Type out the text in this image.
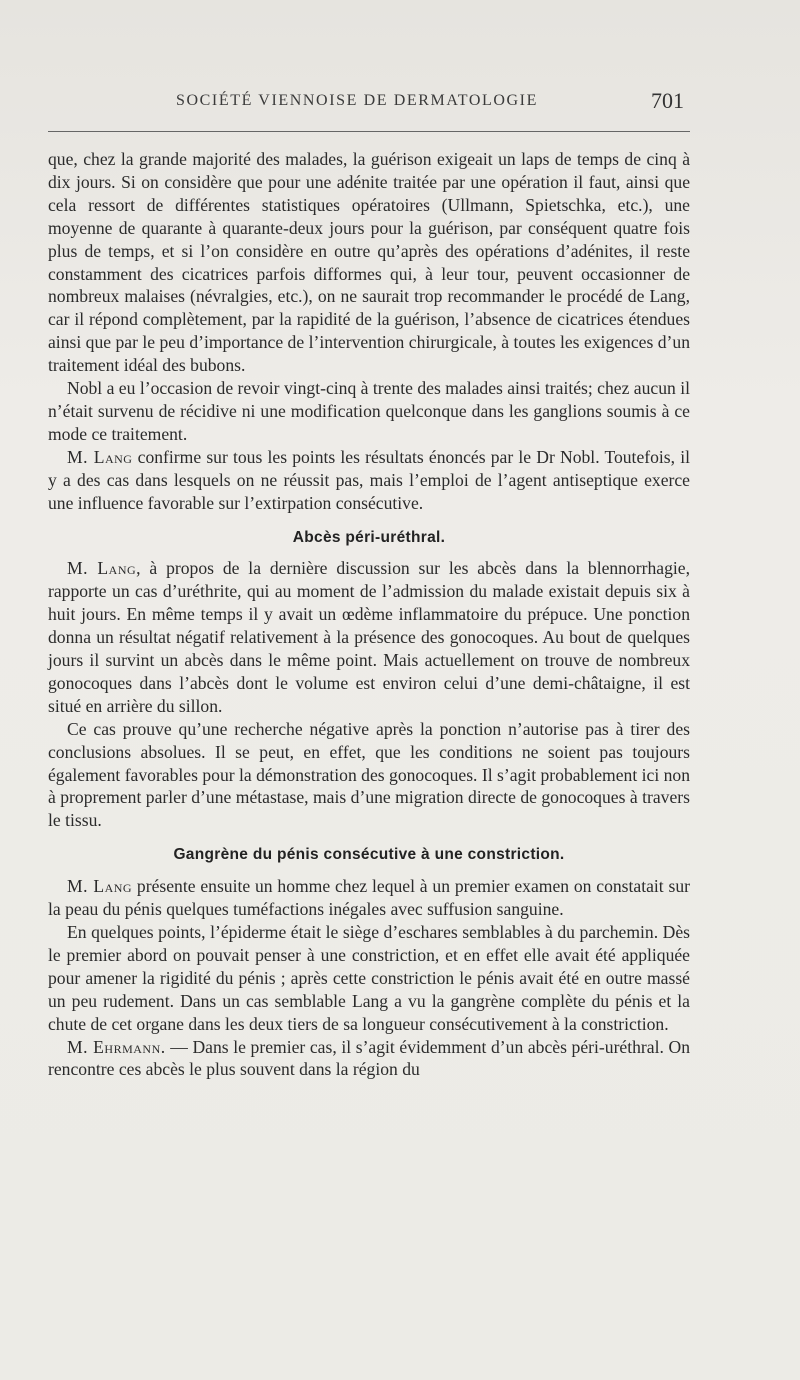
SOCIÉTÉ VIENNOISE DE DERMATOLOGIE	701

que, chez la grande majorité des malades, la guérison exigeait un laps de temps de cinq à dix jours. Si on considère que pour une adénite traitée par une opération il faut, ainsi que cela ressort de différentes statistiques opératoires (Ullmann, Spietschka, etc.), une moyenne de quarante à quarante-deux jours pour la guérison, par conséquent quatre fois plus de temps, et si l’on considère en outre qu’après des opérations d’adénites, il reste constamment des cicatrices parfois difformes qui, à leur tour, peuvent occasionner de nombreux malaises (névralgies, etc.), on ne saurait trop recommander le procédé de Lang, car il répond complètement, par la rapidité de la guérison, l’absence de cicatrices étendues ainsi que par le peu d’importance de l’intervention chirurgicale, à toutes les exigences d’un traitement idéal des bubons.

Nobl a eu l’occasion de revoir vingt-cinq à trente des malades ainsi traités; chez aucun il n’était survenu de récidive ni une modification quelconque dans les ganglions soumis à ce mode ce traitement.

M. Lang confirme sur tous les points les résultats énoncés par le Dr Nobl. Toutefois, il y a des cas dans lesquels on ne réussit pas, mais l’emploi de l’agent antiseptique exerce une influence favorable sur l’extirpation consécutive.

Abcès péri-uréthral.

M. Lang, à propos de la dernière discussion sur les abcès dans la blennorrhagie, rapporte un cas d’uréthrite, qui au moment de l’admission du malade existait depuis six à huit jours. En même temps il y avait un œdème inflammatoire du prépuce. Une ponction donna un résultat négatif relativement à la présence des gonocoques. Au bout de quelques jours il survint un abcès dans le même point. Mais actuellement on trouve de nombreux gonocoques dans l’abcès dont le volume est environ celui d’une demi-châtaigne, il est situé en arrière du sillon.

Ce cas prouve qu’une recherche négative après la ponction n’autorise pas à tirer des conclusions absolues. Il se peut, en effet, que les conditions ne soient pas toujours également favorables pour la démonstration des gonocoques. Il s’agit probablement ici non à proprement parler d’une métastase, mais d’une migration directe de gonocoques à travers le tissu.

Gangrène du pénis consécutive à une constriction.

M. Lang présente ensuite un homme chez lequel à un premier examen on constatait sur la peau du pénis quelques tuméfactions inégales avec suffusion sanguine.

En quelques points, l’épiderme était le siège d’eschares semblables à du parchemin. Dès le premier abord on pouvait penser à une constriction, et en effet elle avait été appliquée pour amener la rigidité du pénis ; après cette constriction le pénis avait été en outre massé un peu rudement. Dans un cas semblable Lang a vu la gangrène complète du pénis et la chute de cet organe dans les deux tiers de sa longueur consécutivement à la constriction.

M. Ehrmann. — Dans le premier cas, il s’agit évidemment d’un abcès péri-uréthral. On rencontre ces abcès le plus souvent dans la région du
